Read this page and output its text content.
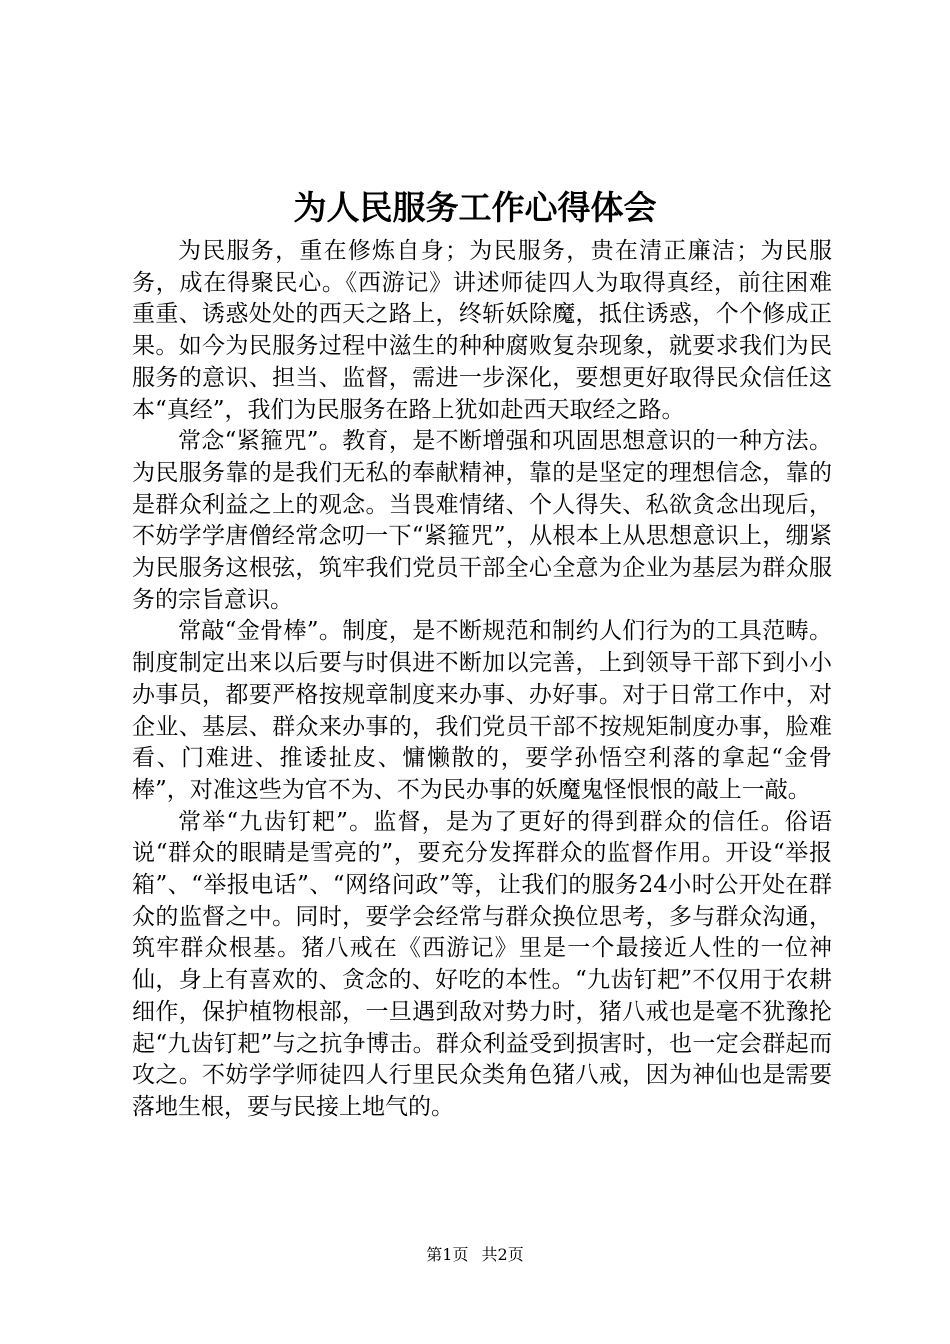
为人民服务工作心得体会

为民服务，重在修炼自身；为民服务，贵在清正廉洁；为民服务，成在得聚民心。《西游记》讲述师徒四人为取得真经，前往困难重重、诱惑处处的西天之路上，终斩妖除魔，抵住诱惑，个个修成正果。如今为民服务过程中滋生的种种腐败复杂现象，就要求我们为民服务的意识、担当、监督，需进一步深化，要想更好取得民众信任这本“真经”，我们为民服务在路上犹如赴西天取经之路。

常念“紧箍咒”。教育，是不断增强和巩固思想意识的一种方法。为民服务靠的是我们无私的奉献精神，靠的是坚定的理想信念，靠的是群众利益之上的观念。当畏难情绪、个人得失、私欲贪念出现后，不妨学学唐僧经常念叨一下“紧箍咒”，从根本上从思想意识上，绷紧为民服务这根弦，筑牢我们党员干部全心全意为企业为基层为群众服务的宗旨意识。

常敲“金骨棒”。制度，是不断规范和制约人们行为的工具范畴。制度制定出来以后要与时俱进不断加以完善，上到领导干部下到小小办事员，都要严格按规章制度来办事、办好事。对于日常工作中，对企业、基层、群众来办事的，我们党员干部不按规矩制度办事，脸难看、门难进、推诿扯皮、慵懒散的，要学孙悟空利落的拿起“金骨棒”，对准这些为官不为、不为民办事的妖魔鬼怪恨恨的敲上一敲。

常举“九齿钉耙”。监督，是为了更好的得到群众的信任。俗语说“群众的眼睛是雪亮的”，要充分发挥群众的监督作用。开设“举报箱”、“举报电话”、“网络问政”等，让我们的服务24小时公开处在群众的监督之中。同时，要学会经常与群众换位思考，多与群众沟通，筑牢群众根基。猪八戒在《西游记》里是一个最接近人性的一位神仙，身上有喜欢的、贪念的、好吃的本性。“九齿钉耙”不仅用于农耕细作，保护植物根部，一旦遇到敌对势力时，猪八戒也是毫不犹豫抡起“九齿钉耙”与之抗争博击。群众利益受到损害时，也一定会群起而攻之。不妨学学师徒四人行里民众类角色猪八戒，因为神仙也是需要落地生根，要与民接上地气的。

第1页 共2页
